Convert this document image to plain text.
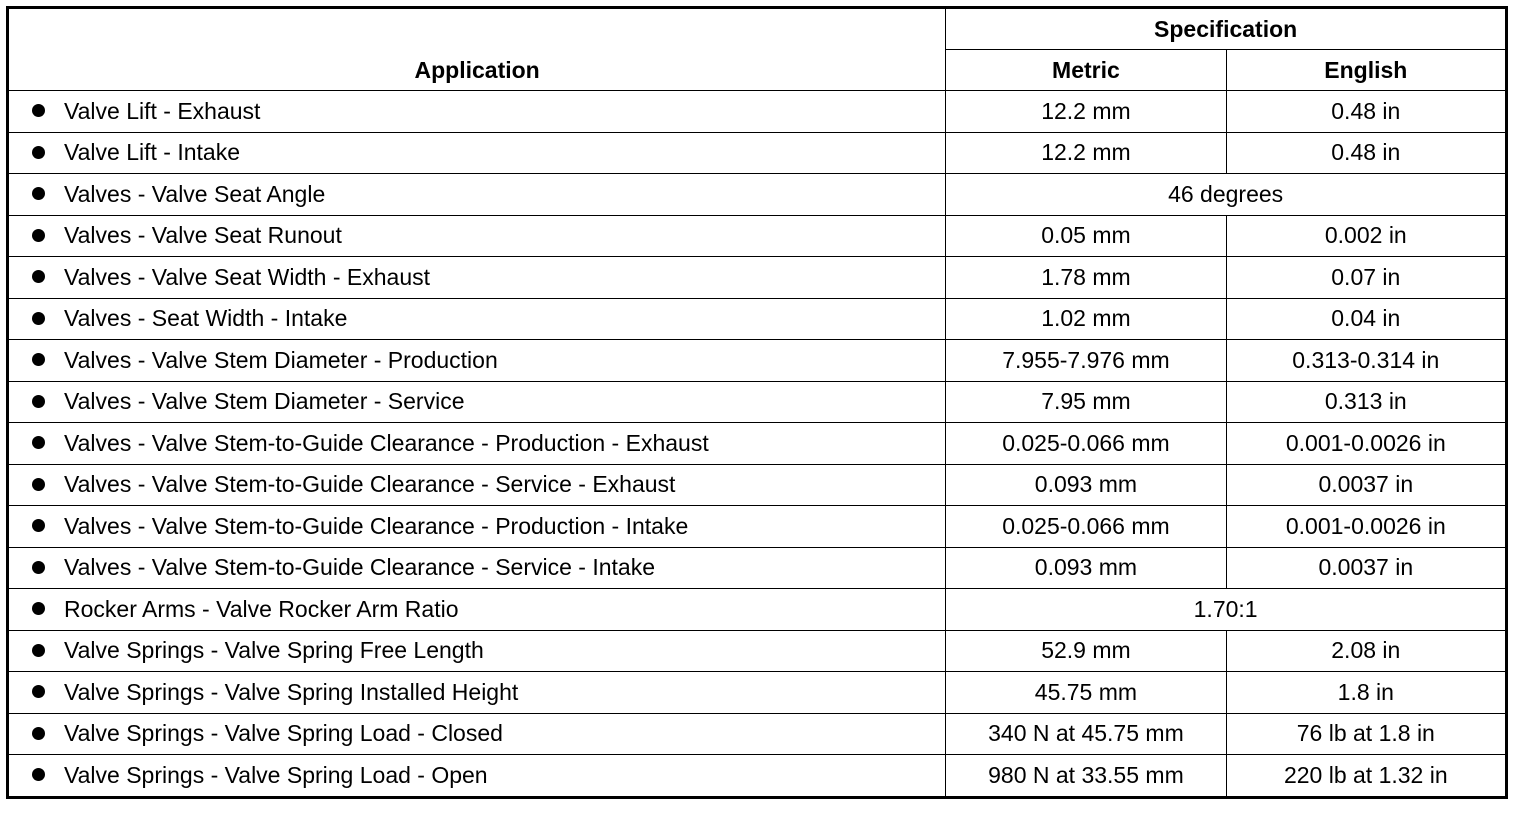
Application	Specification	
	Metric	English
Valve Lift - Exhaust	12.2 mm	0.48 in
Valve Lift - Intake	12.2 mm	0.48 in
Valves - Valve Seat Angle	46 degrees	
Valves - Valve Seat Runout	0.05 mm	0.002 in
Valves - Valve Seat Width - Exhaust	1.78 mm	0.07 in
Valves - Seat Width - Intake	1.02 mm	0.04 in
Valves - Valve Stem Diameter - Production	7.955-7.976 mm	0.313-0.314 in
Valves - Valve Stem Diameter - Service	7.95 mm	0.313 in
Valves - Valve Stem-to-Guide Clearance - Production - Exhaust	0.025-0.066 mm	0.001-0.0026 in
Valves - Valve Stem-to-Guide Clearance - Service - Exhaust	0.093 mm	0.0037 in
Valves - Valve Stem-to-Guide Clearance - Production - Intake	0.025-0.066 mm	0.001-0.0026 in
Valves - Valve Stem-to-Guide Clearance - Service - Intake	0.093 mm	0.0037 in
Rocker Arms - Valve Rocker Arm Ratio	1.70:1	
Valve Springs - Valve Spring Free Length	52.9 mm	2.08 in
Valve Springs - Valve Spring Installed Height	45.75 mm	1.8 in
Valve Springs - Valve Spring Load - Closed	340 N at 45.75 mm	76 lb at 1.8 in
Valve Springs - Valve Spring Load - Open	980 N at 33.55 mm	220 lb at 1.32 in
